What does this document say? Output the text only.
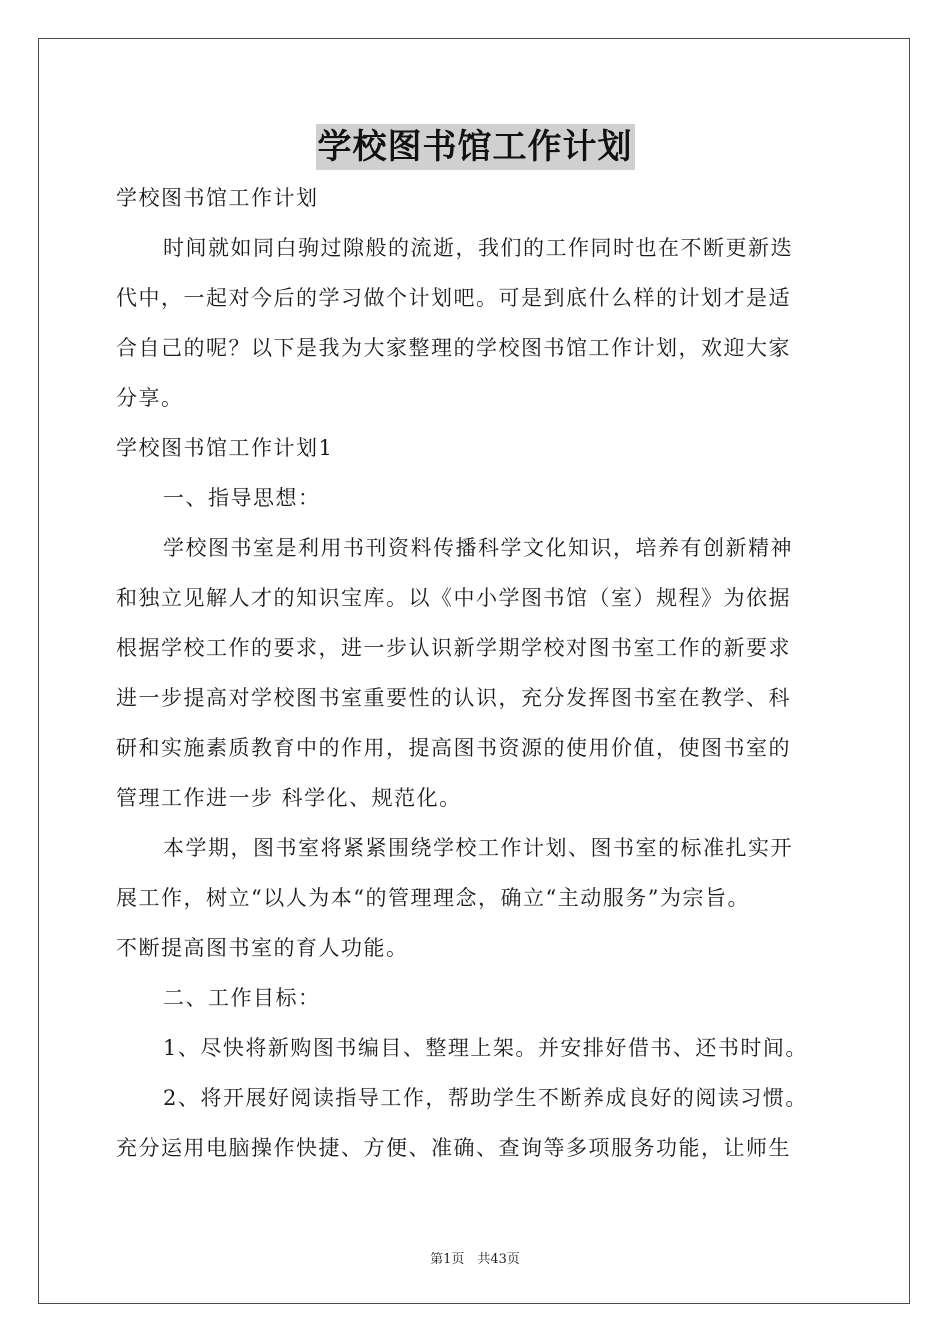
学校图书馆工作计划
学校图书馆工作计划
时间就如同白驹过隙般的流逝，我们的工作同时也在不断更新迭
代中，一起对今后的学习做个计划吧。可是到底什么样的计划才是适
合自己的呢？以下是我为大家整理的学校图书馆工作计划，欢迎大家
分享。
学校图书馆工作计划1
一、指导思想：
学校图书室是利用书刊资料传播科学文化知识，培养有创新精神
和独立见解人才的知识宝库。以《中小学图书馆（室）规程》为依据
根据学校工作的要求，进一步认识新学期学校对图书室工作的新要求
进一步提高对学校图书室重要性的认识，充分发挥图书室在教学、科
研和实施素质教育中的作用，提高图书资源的使用价值，使图书室的
管理工作进一步 科学化、规范化。
本学期，图书室将紧紧围绕学校工作计划、图书室的标准扎实开
展工作，树立“以人为本“的管理理念，确立“主动服务”为宗旨。
不断提高图书室的育人功能。
二、工作目标：
1、尽快将新购图书编目、整理上架。并安排好借书、还书时间。
2、将开展好阅读指导工作，帮助学生不断养成良好的阅读习惯。
充分运用电脑操作快捷、方便、准确、查询等多项服务功能，让师生
第1页　共43页
